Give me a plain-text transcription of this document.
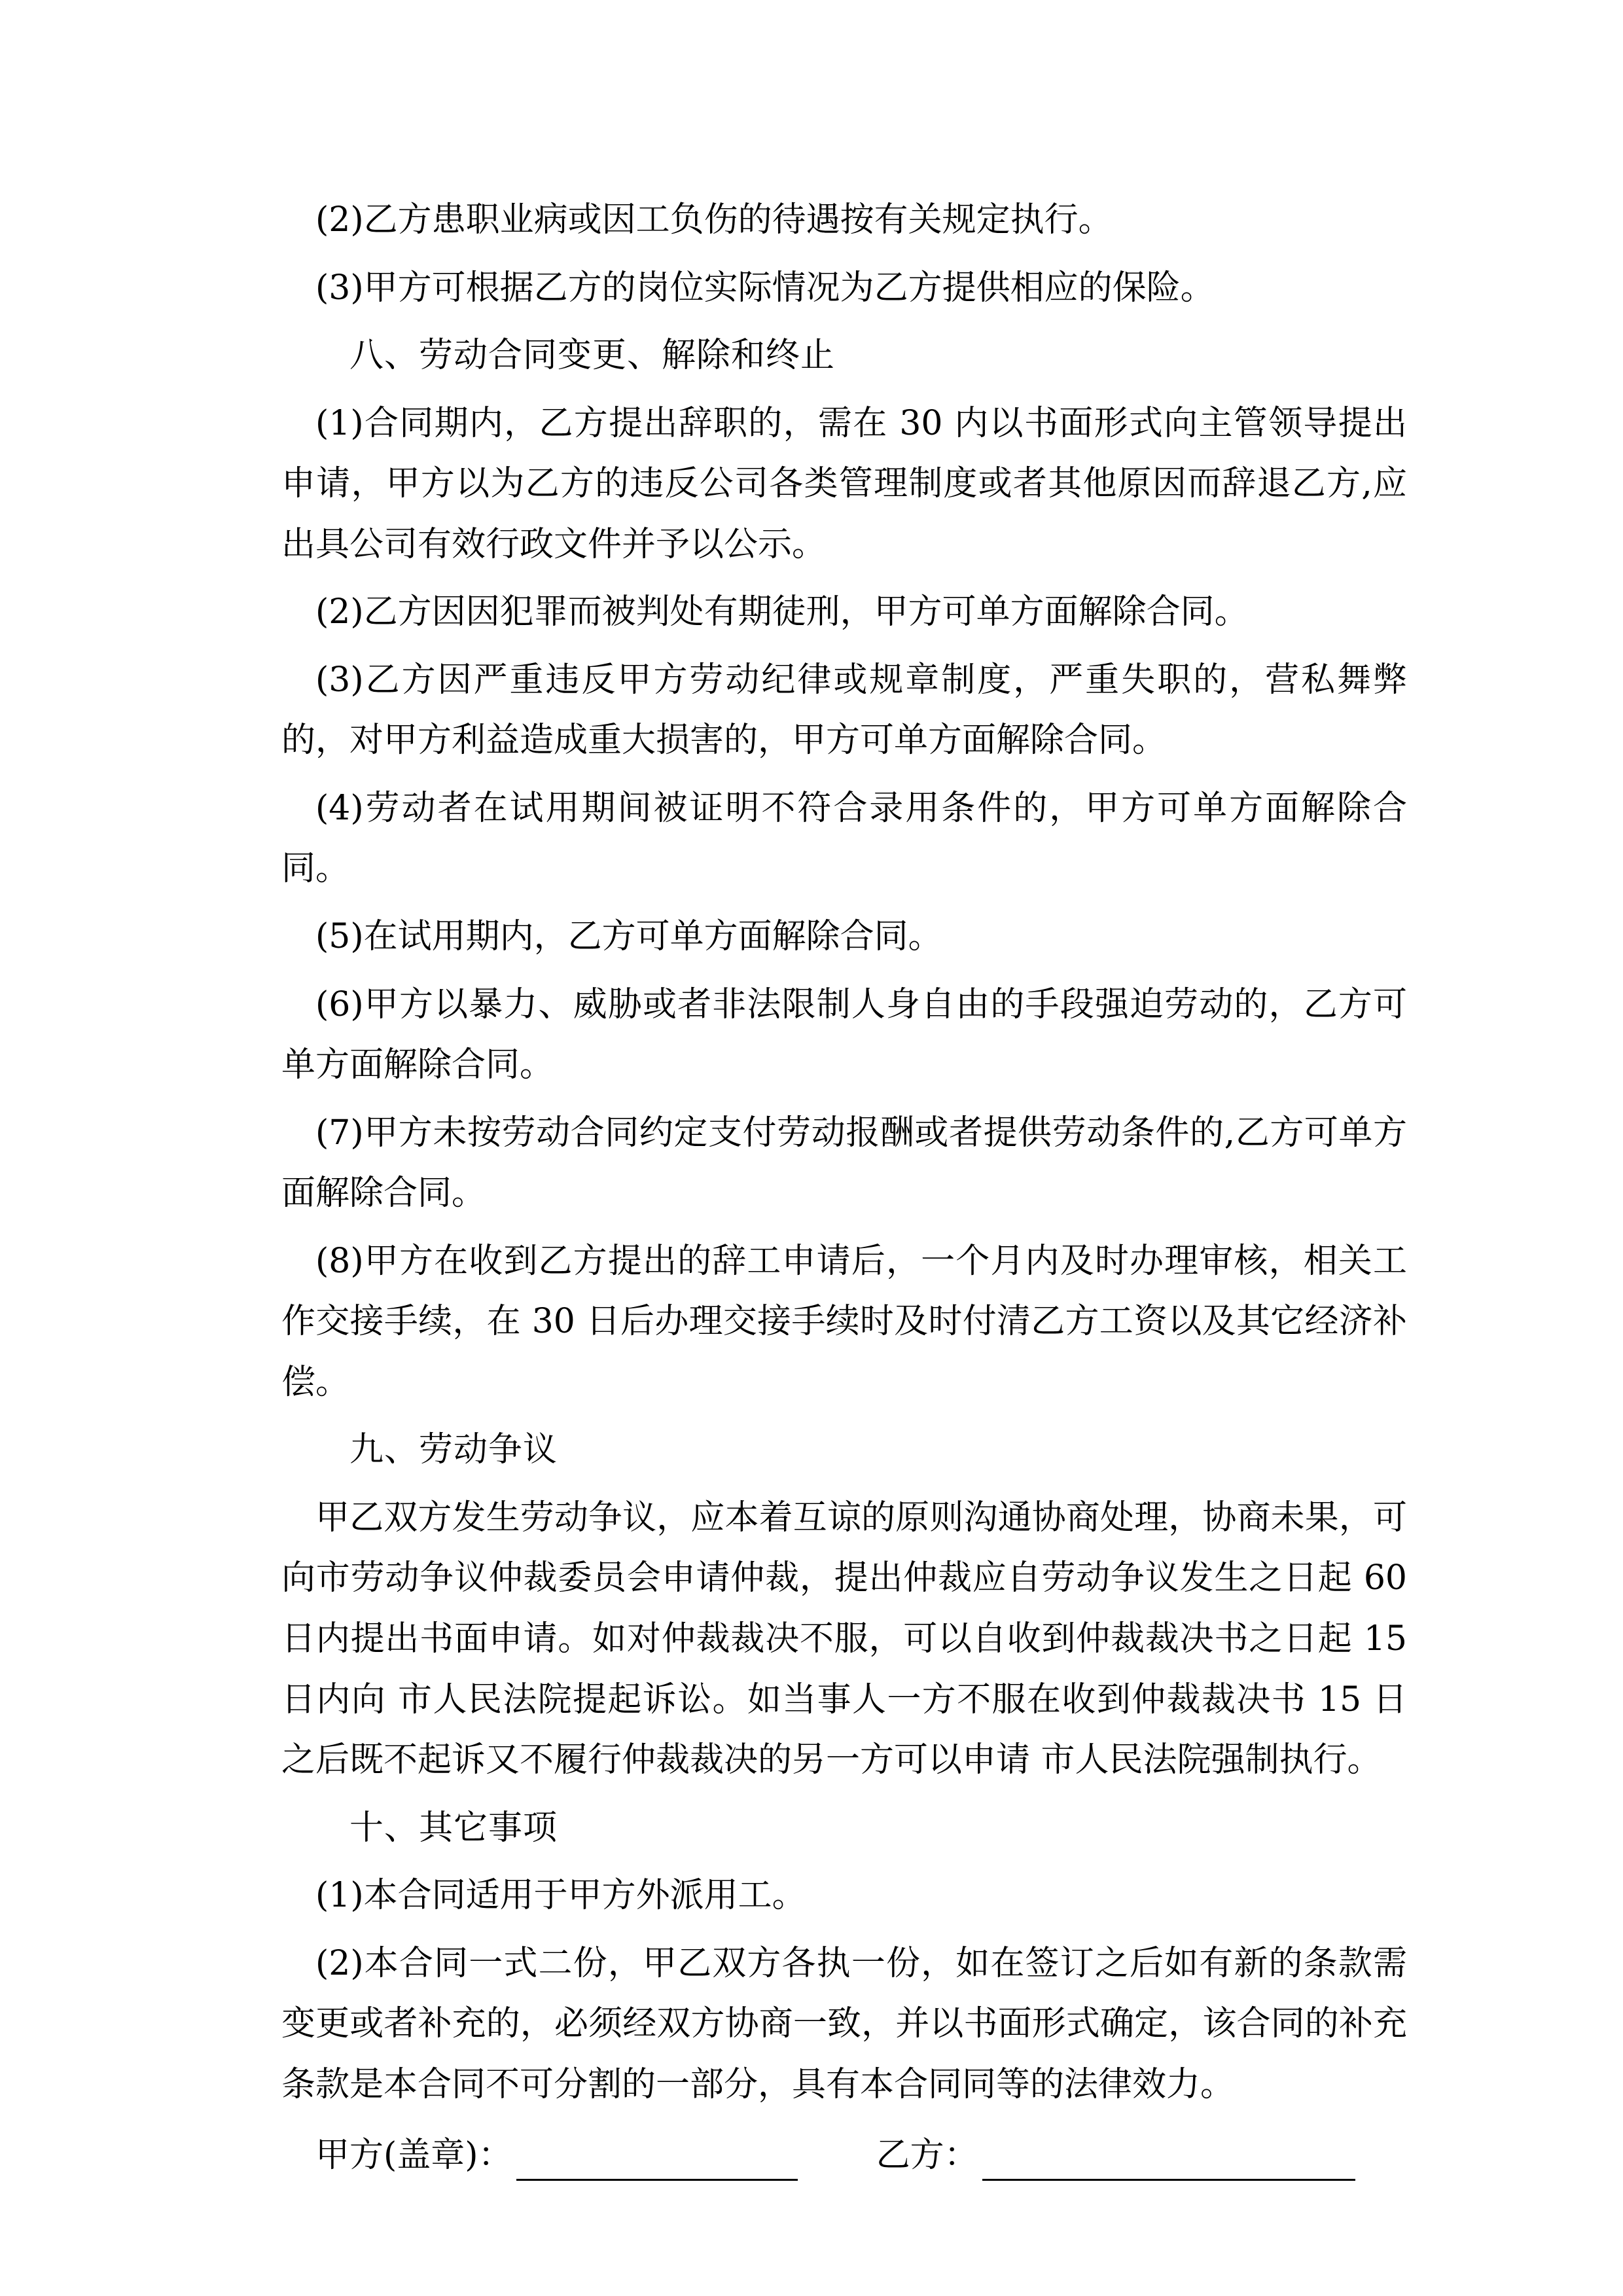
(2)乙方患职业病或因工负伤的待遇按有关规定执行。

(3)甲方可根据乙方的岗位实际情况为乙方提供相应的保险。

八、劳动合同变更、解除和终止

(1)合同期内，乙方提出辞职的，需在 30 内以书面形式向主管领导提出申请，甲方以为乙方的违反公司各类管理制度或者其他原因而辞退乙方,应出具公司有效行政文件并予以公示。

(2)乙方因因犯罪而被判处有期徒刑，甲方可单方面解除合同。

(3)乙方因严重违反甲方劳动纪律或规章制度，严重失职的，营私舞弊的，对甲方利益造成重大损害的，甲方可单方面解除合同。

(4)劳动者在试用期间被证明不符合录用条件的，甲方可单方面解除合同。

(5)在试用期内，乙方可单方面解除合同。

(6)甲方以暴力、威胁或者非法限制人身自由的手段强迫劳动的，乙方可单方面解除合同。

(7)甲方未按劳动合同约定支付劳动报酬或者提供劳动条件的,乙方可单方面解除合同。

(8)甲方在收到乙方提出的辞工申请后，一个月内及时办理审核，相关工作交接手续，在 30 日后办理交接手续时及时付清乙方工资以及其它经济补偿。

九、劳动争议

甲乙双方发生劳动争议，应本着互谅的原则沟通协商处理，协商未果，可向市劳动争议仲裁委员会申请仲裁，提出仲裁应自劳动争议发生之日起 60 日内提出书面申请。如对仲裁裁决不服，可以自收到仲裁裁决书之日起 15 日内向 市人民法院提起诉讼。如当事人一方不服在收到仲裁裁决书 15 日之后既不起诉又不履行仲裁裁决的另一方可以申请 市人民法院强制执行。

十、其它事项

(1)本合同适用于甲方外派用工。

(2)本合同一式二份，甲乙双方各执一份，如在签订之后如有新的条款需变更或者补充的，必须经双方协商一致，并以书面形式确定，该合同的补充条款是本合同不可分割的一部分，具有本合同同等的法律效力。

甲方(盖章)：	乙方：
